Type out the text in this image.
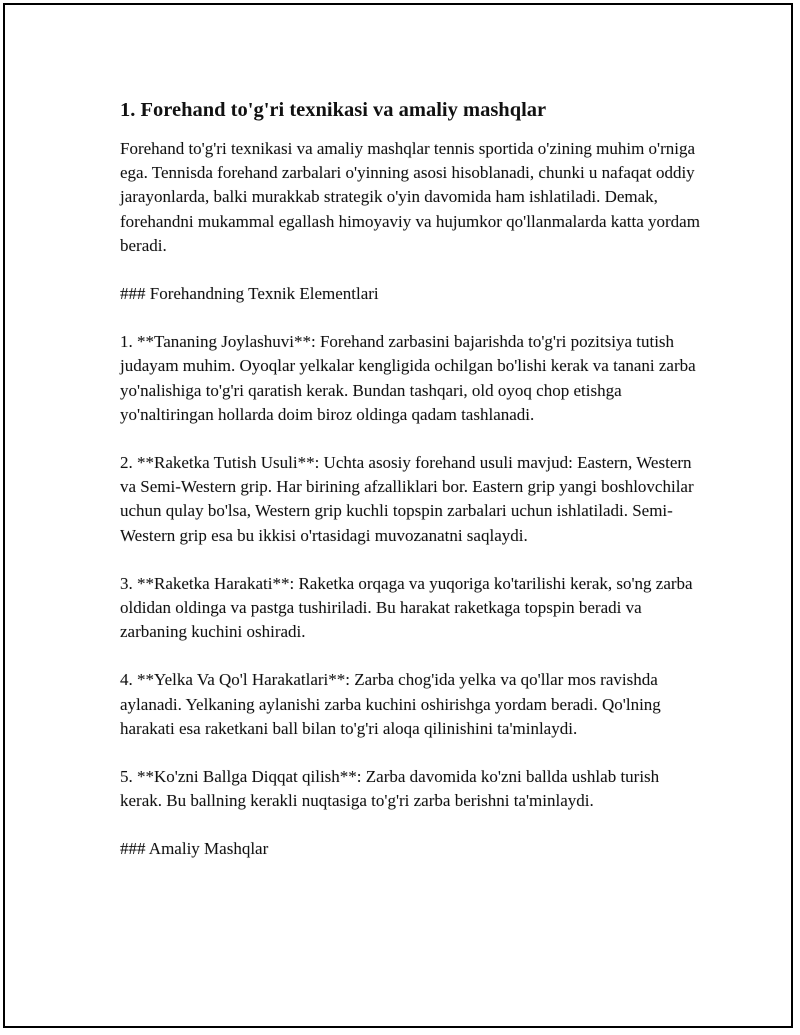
1. Forehand to'g'ri texnikasi va amaliy mashqlar

Forehand to'g'ri texnikasi va amaliy mashqlar tennis sportida o'zining muhim o'rniga ega. Tennisda forehand zarbalari o'yinning asosi hisoblanadi, chunki u nafaqat oddiy jarayonlarda, balki murakkab strategik o'yin davomida ham ishlatiladi. Demak, forehandni mukammal egallash himoyaviy va hujumkor qo'llanmalarda katta yordam beradi.

### Forehandning Texnik Elementlari

1. **Tananing Joylashuvi**: Forehand zarbasini bajarishda to'g'ri pozitsiya tutish judayam muhim. Oyoqlar yelkalar kengligida ochilgan bo'lishi kerak va tanani zarba yo'nalishiga to'g'ri qaratish kerak. Bundan tashqari, old oyoq chop etishga yo'naltiringan hollarda doim biroz oldinga qadam tashlanadi.

2. **Raketka Tutish Usuli**: Uchta asosiy forehand usuli mavjud: Eastern, Western va Semi-Western grip. Har birining afzalliklari bor. Eastern grip yangi boshlovchilar uchun qulay bo'lsa, Western grip kuchli topspin zarbalari uchun ishlatiladi. Semi-Western grip esa bu ikkisi o'rtasidagi muvozanatni saqlaydi.

3. **Raketka Harakati**: Raketka orqaga va yuqoriga ko'tarilishi kerak, so'ng zarba oldidan oldinga va pastga tushiriladi. Bu harakat raketkaga topspin beradi va zarbaning kuchini oshiradi.

4. **Yelka Va Qo'l Harakatlari**: Zarba chog'ida yelka va qo'llar mos ravishda aylanadi. Yelkaning aylanishi zarba kuchini oshirishga yordam beradi. Qo'lning harakati esa raketkani ball bilan to'g'ri aloqa qilinishini ta'minlaydi.

5. **Ko'zni Ballga Diqqat qilish**: Zarba davomida ko'zni ballda ushlab turish kerak. Bu ballning kerakli nuqtasiga to'g'ri zarba berishni ta'minlaydi.

### Amaliy Mashqlar
